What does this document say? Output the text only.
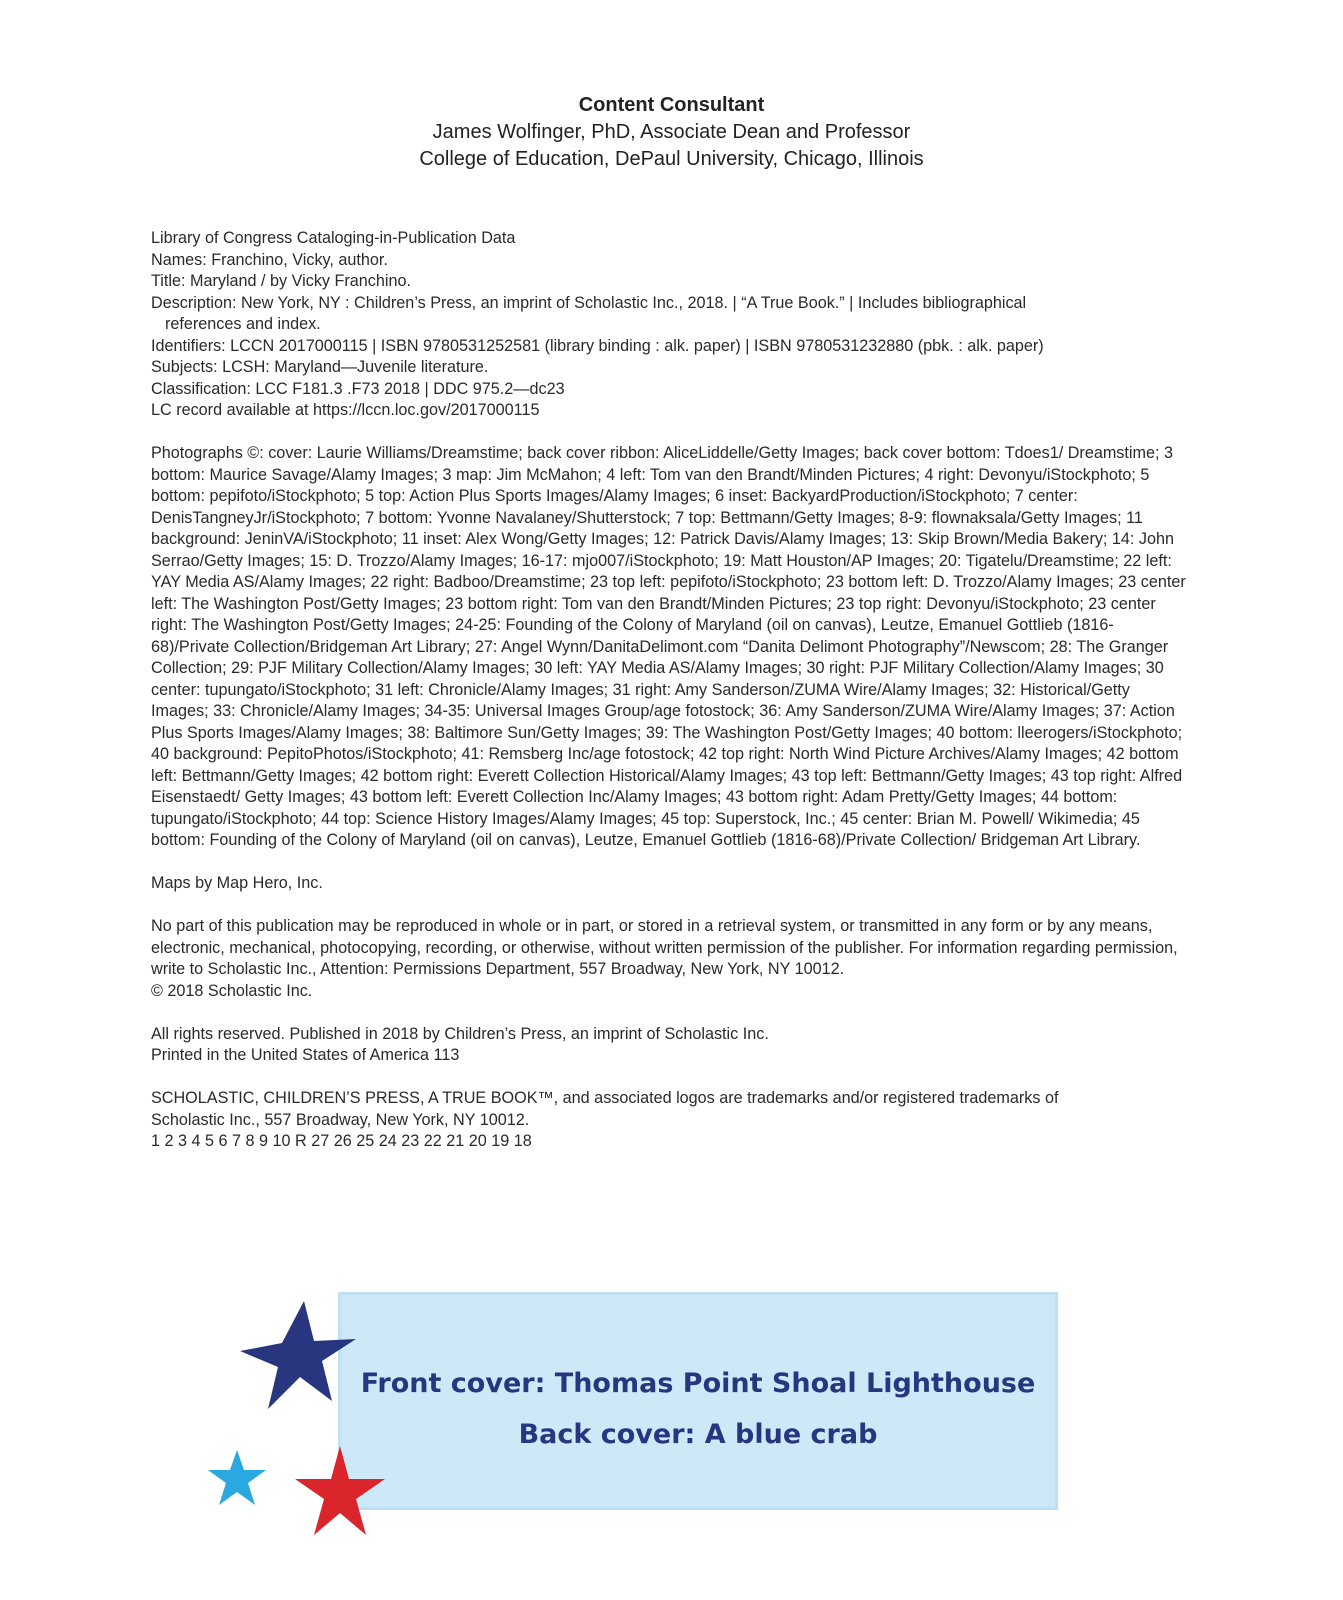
Content Consultant
James Wolfinger, PhD, Associate Dean and Professor
College of Education, DePaul University, Chicago, Illinois
Library of Congress Cataloging-in-Publication Data
Names: Franchino, Vicky, author.
Title: Maryland / by Vicky Franchino.
Description: New York, NY : Children’s Press, an imprint of Scholastic Inc., 2018. | “A True Book.” | Includes bibliographical
references and index.
Identifiers: LCCN 2017000115 | ISBN 9780531252581 (library binding : alk. paper) | ISBN 9780531232880 (pbk. : alk. paper)
Subjects: LCSH: Maryland—Juvenile literature.
Classification: LCC F181.3 .F73 2018 | DDC 975.2—dc23
LC record available at https://lccn.loc.gov/2017000115
Photographs ©: cover: Laurie Williams/Dreamstime; back cover ribbon: AliceLiddelle/Getty Images; back cover bottom: Tdoes1/ Dreamstime; 3 bottom: Maurice Savage/Alamy Images; 3 map: Jim McMahon; 4 left: Tom van den Brandt/Minden Pictures; 4 right: Devonyu/iStockphoto; 5 bottom: pepifoto/iStockphoto; 5 top: Action Plus Sports Images/Alamy Images; 6 inset: BackyardProduction/iStockphoto; 7 center: DenisTangneyJr/iStockphoto; 7 bottom: Yvonne Navalaney/Shutterstock; 7 top: Bettmann/Getty Images; 8-9: flownaksala/Getty Images; 11 background: JeninVA/iStockphoto; 11 inset: Alex Wong/Getty Images; 12: Patrick Davis/Alamy Images; 13: Skip Brown/Media Bakery; 14: John Serrao/Getty Images; 15: D. Trozzo/Alamy Images; 16-17: mjo007/iStockphoto; 19: Matt Houston/AP Images; 20: Tigatelu/Dreamstime; 22 left: YAY Media AS/Alamy Images; 22 right: Badboo/Dreamstime; 23 top left: pepifoto/iStockphoto; 23 bottom left: D. Trozzo/Alamy Images; 23 center left: The Washington Post/Getty Images; 23 bottom right: Tom van den Brandt/Minden Pictures; 23 top right: Devonyu/iStockphoto; 23 center right: The Washington Post/Getty Images; 24-25: Founding of the Colony of Maryland (oil on canvas), Leutze, Emanuel Gottlieb (1816-68)/Private Collection/Bridgeman Art Library; 27: Angel Wynn/DanitaDelimont.com “Danita Delimont Photography”/Newscom; 28: The Granger Collection; 29: PJF Military Collection/Alamy Images; 30 left: YAY Media AS/Alamy Images; 30 right: PJF Military Collection/Alamy Images; 30 center: tupungato/iStockphoto; 31 left: Chronicle/Alamy Images; 31 right: Amy Sanderson/ZUMA Wire/Alamy Images; 32: Historical/Getty Images; 33: Chronicle/Alamy Images; 34-35: Universal Images Group/age fotostock; 36: Amy Sanderson/ZUMA Wire/Alamy Images; 37: Action Plus Sports Images/Alamy Images; 38: Baltimore Sun/Getty Images; 39: The Washington Post/Getty Images; 40 bottom: lleerogers/iStockphoto; 40 background: PepitoPhotos/iStockphoto; 41: Remsberg Inc/age fotostock; 42 top right: North Wind Picture Archives/Alamy Images; 42 bottom left: Bettmann/Getty Images; 42 bottom right: Everett Collection Historical/Alamy Images; 43 top left: Bettmann/Getty Images; 43 top right: Alfred Eisenstaedt/ Getty Images; 43 bottom left: Everett Collection Inc/Alamy Images; 43 bottom right: Adam Pretty/Getty Images; 44 bottom: tupungato/iStockphoto; 44 top: Science History Images/Alamy Images; 45 top: Superstock, Inc.; 45 center: Brian M. Powell/ Wikimedia; 45 bottom: Founding of the Colony of Maryland (oil on canvas), Leutze, Emanuel Gottlieb (1816-68)/Private Collection/ Bridgeman Art Library.
Maps by Map Hero, Inc.
No part of this publication may be reproduced in whole or in part, or stored in a retrieval system, or transmitted in any form or by any means, electronic, mechanical, photocopying, recording, or otherwise, without written permission of the publisher. For information regarding permission, write to Scholastic Inc., Attention: Permissions Department, 557 Broadway, New York, NY 10012.
© 2018 Scholastic Inc.
All rights reserved. Published in 2018 by Children’s Press, an imprint of Scholastic Inc.
Printed in the United States of America 113
SCHOLASTIC, CHILDREN’S PRESS, A TRUE BOOK™, and associated logos are trademarks and/or registered trademarks of
Scholastic Inc., 557 Broadway, New York, NY 10012.
1 2 3 4 5 6 7 8 9 10 R 27 26 25 24 23 22 21 20 19 18
Front cover: Thomas Point Shoal Lighthouse
Back cover: A blue crab
